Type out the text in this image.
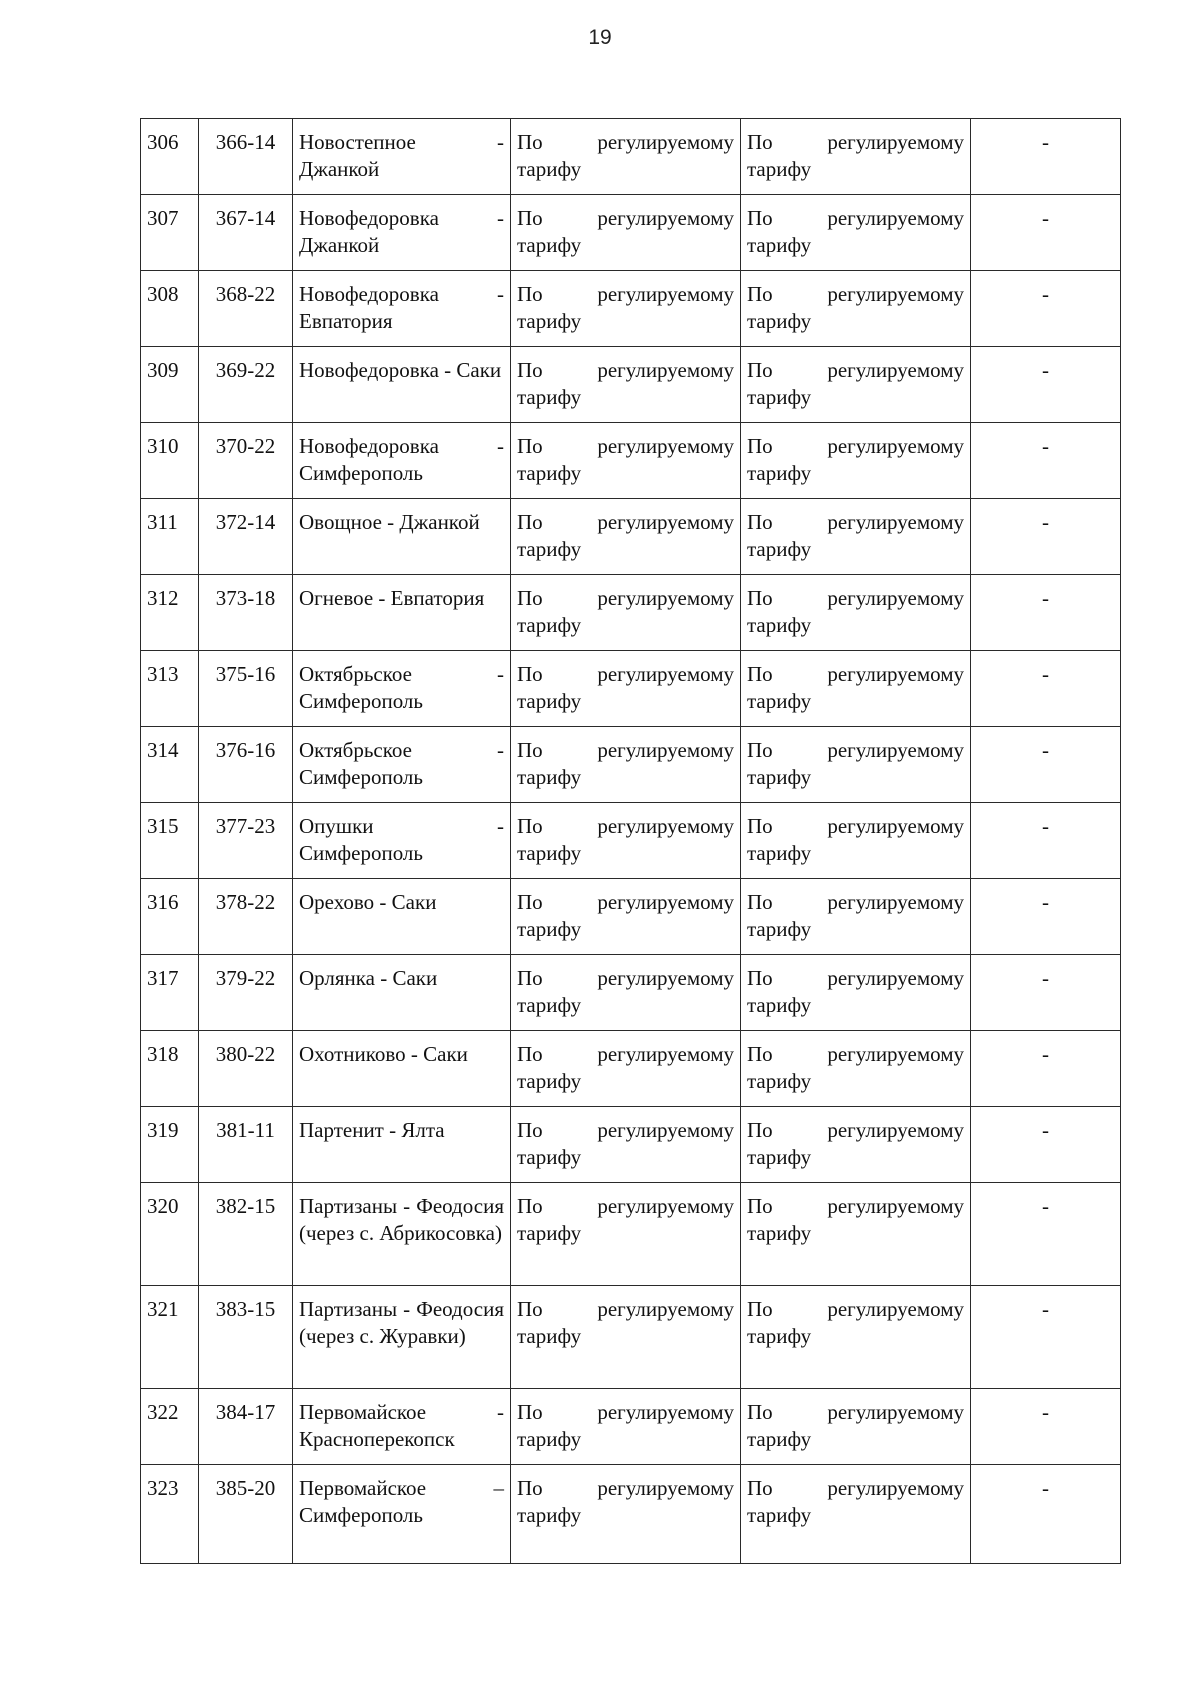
19
306	366-14	Новостепное - Джанкой	По регулируемому тарифу	По регулируемому тарифу	-
307	367-14	Новофедоровка - Джанкой	По регулируемому тарифу	По регулируемому тарифу	-
308	368-22	Новофедоровка - Евпатория	По регулируемому тарифу	По регулируемому тарифу	-
309	369-22	Новофедоровка - Саки	По регулируемому тарифу	По регулируемому тарифу	-
310	370-22	Новофедоровка - Симферополь	По регулируемому тарифу	По регулируемому тарифу	-
311	372-14	Овощное - Джанкой	По регулируемому тарифу	По регулируемому тарифу	-
312	373-18	Огневое - Евпатория	По регулируемому тарифу	По регулируемому тарифу	-
313	375-16	Октябрьское - Симферополь	По регулируемому тарифу	По регулируемому тарифу	-
314	376-16	Октябрьское - Симферополь	По регулируемому тарифу	По регулируемому тарифу	-
315	377-23	Опушки - Симферополь	По регулируемому тарифу	По регулируемому тарифу	-
316	378-22	Орехово - Саки	По регулируемому тарифу	По регулируемому тарифу	-
317	379-22	Орлянка - Саки	По регулируемому тарифу	По регулируемому тарифу	-
318	380-22	Охотниково - Саки	По регулируемому тарифу	По регулируемому тарифу	-
319	381-11	Партенит - Ялта	По регулируемому тарифу	По регулируемому тарифу	-
320	382-15	Партизаны - Феодосия (через с. Абрикосовка)	По регулируемому тарифу	По регулируемому тарифу	-
321	383-15	Партизаны - Феодосия (через с. Журавки)	По регулируемому тарифу	По регулируемому тарифу	-
322	384-17	Первомайское - Красноперекопск	По регулируемому тарифу	По регулируемому тарифу	-
323	385-20	Первомайское – Симферополь	По регулируемому тарифу	По регулируемому тарифу	-
